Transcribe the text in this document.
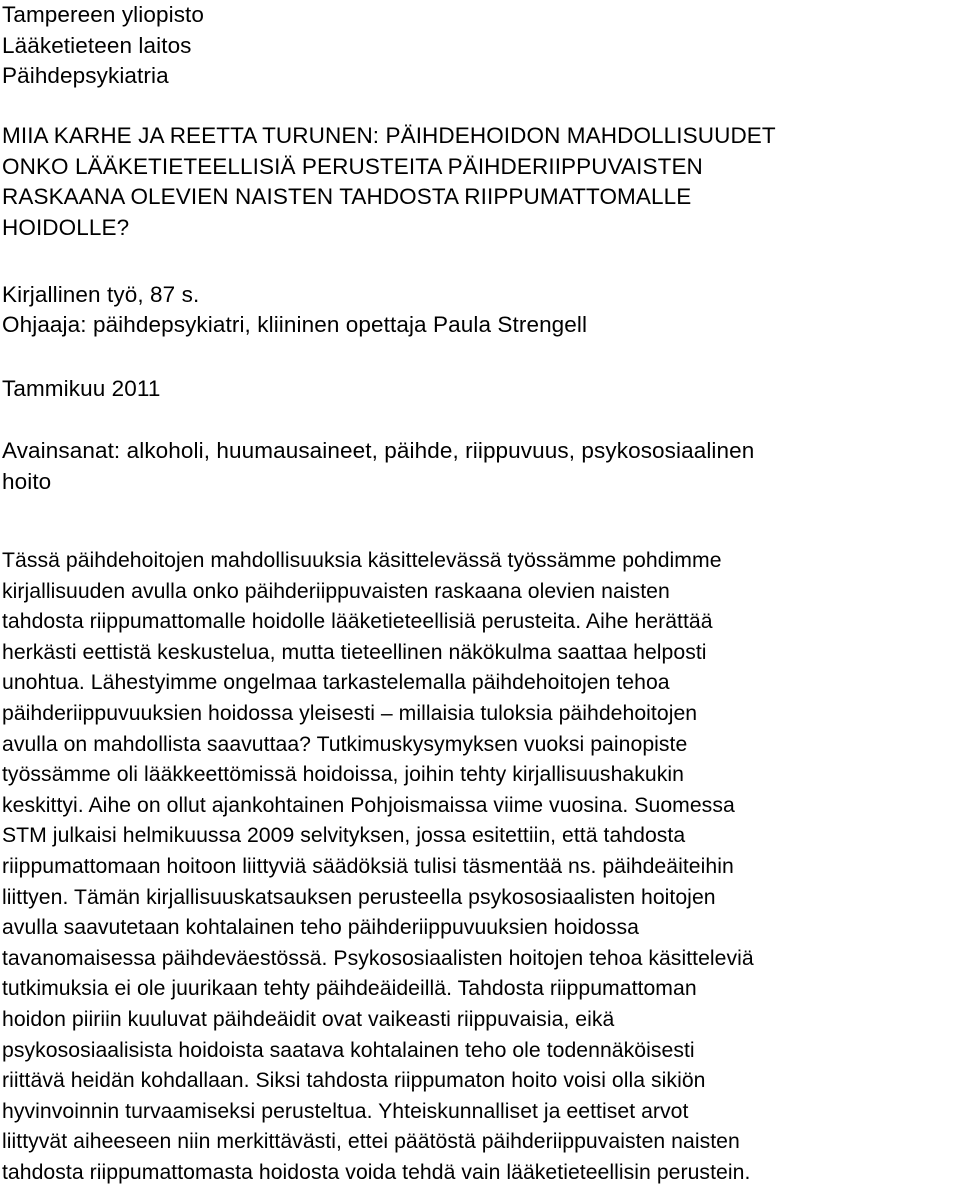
Tampereen yliopisto
Lääketieteen laitos
Päihdepsykiatria
MIIA KARHE JA REETTA TURUNEN: PÄIHDEHOIDON MAHDOLLISUUDET
ONKO LÄÄKETIETEELLISIÄ PERUSTEITA PÄIHDERIIPPUVAISTEN
RASKAANA OLEVIEN NAISTEN TAHDOSTA RIIPPUMATTOMALLE
HOIDOLLE?
Kirjallinen työ, 87 s.
Ohjaaja: päihdepsykiatri, kliininen opettaja Paula Strengell
Tammikuu 2011
Avainsanat: alkoholi, huumausaineet, päihde, riippuvuus, psykososiaalinen
hoito
Tässä päihdehoitojen mahdollisuuksia käsittelevässä työssämme pohdimme
kirjallisuuden avulla onko päihderiippuvaisten raskaana olevien naisten
tahdosta riippumattomalle hoidolle lääketieteellisiä perusteita. Aihe herättää
herkästi eettistä keskustelua, mutta tieteellinen näkökulma saattaa helposti
unohtua. Lähestyimme ongelmaa tarkastelemalla päihdehoitojen tehoa
päihderiippuvuuksien hoidossa yleisesti – millaisia tuloksia päihdehoitojen
avulla on mahdollista saavuttaa? Tutkimuskysymyksen vuoksi painopiste
työssämme oli lääkkeettömissä hoidoissa, joihin tehty kirjallisuushakukin
keskittyi. Aihe on ollut ajankohtainen Pohjoismaissa viime vuosina. Suomessa
STM julkaisi helmikuussa 2009 selvityksen, jossa esitettiin, että tahdosta
riippumattomaan hoitoon liittyviä säädöksiä tulisi täsmentää ns. päihdeäiteihin
liittyen. Tämän kirjallisuuskatsauksen perusteella psykososiaalisten hoitojen
avulla saavutetaan kohtalainen teho päihderiippuvuuksien hoidossa
tavanomaisessa päihdeväestössä. Psykososiaalisten hoitojen tehoa käsitteleviä
tutkimuksia ei ole juurikaan tehty päihdeäideillä. Tahdosta riippumattoman
hoidon piiriin kuuluvat päihdeäidit ovat vaikeasti riippuvaisia, eikä
psykososiaalisista hoidoista saatava kohtalainen teho ole todennäköisesti
riittävä heidän kohdallaan. Siksi tahdosta riippumaton hoito voisi olla sikiön
hyvinvoinnin turvaamiseksi perusteltua. Yhteiskunnalliset ja eettiset arvot
liittyvät aiheeseen niin merkittävästi, ettei päätöstä päihderiippuvaisten naisten
tahdosta riippumattomasta hoidosta voida tehdä vain lääketieteellisin perustein.
